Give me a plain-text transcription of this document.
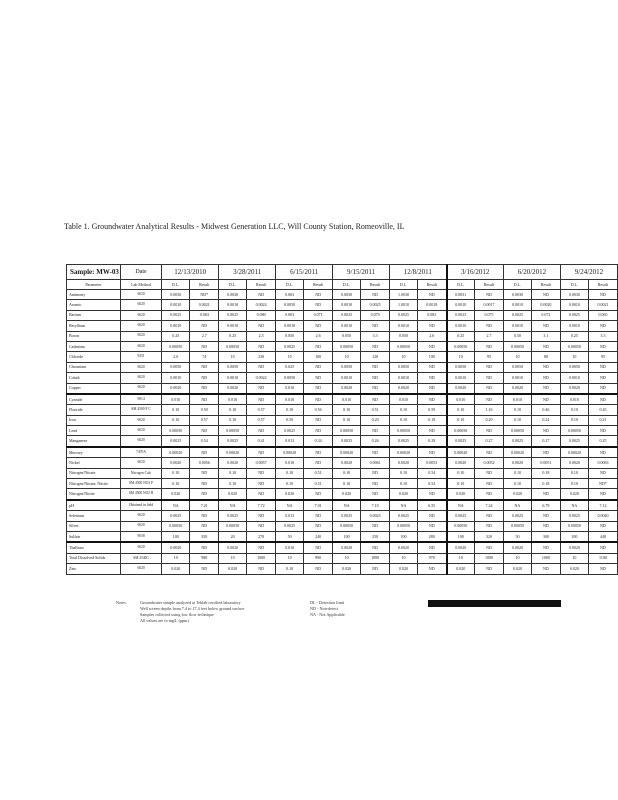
Table 1. Groundwater Analytical Results - Midwest Generation LLC, Will County Station, Romeoville, IL
Sample: MW-03	Date	12/13/2010		3/28/2011		6/15/2011		9/15/2011		12/8/2011		3/16/2012		6/20/2012		9/24/2012	
Parameter	Lab Method	D.L.	Result	D.L.	Result	D.L.	Result	D.L.	Result	D.L.	Result	D.L.	Result	D.L.	Result	D.L.	Result
Antimony	6020	0.0030	ND*	0.0030	ND	0.003	ND	0.0030	ND	1.0030	ND	0.0031	ND	0.0030	ND	0.0030	ND
Arsenic	6020	0.0010	0.0021	0.0010	0.0024	0.0050	ND	0.0010	0.0025	1.0010	0.0018	0.0010	0.0017	0.0010	0.0020	0.0010	0.0021
Barium	6020	0.0025	0.084	0.0025	0.080	0.003	0.071	0.0025	0.079	0.0025	0.083	0.0025	0.075	0.0025	0.072	0.0025	0.065
Beryllium	6020	0.0010	ND	0.0010	ND	0.0010	ND	0.0010	ND	0.0010	ND	0.0010	ND	0.0010	ND	0.0010	ND
Boron	6020	0.25	2.7	0.25	2.5	0.050	2.6	0.050	3.3	0.050	2.6	0.25	2.7	0.50	3.1	0.25	3.3
Cadmium	6020	0.00050	ND	0.00050	ND	0.0025	ND	0.00050	ND	0.00050	ND	0.00050	ND	0.00050	ND	0.00050	ND
Chloride	9251	2.0	74	10	230	10	100	10	120	10	100	10	95	10	88	10	95
Chromium	6020	0.0050	ND	0.0050	ND	0.025	ND	0.0050	ND	0.0050	ND	0.0050	ND	0.0050	ND	0.0050	ND
Cobalt	6020	0.0010	ND	0.0010	0.0022	0.0050	ND	0.0010	ND	0.0010	ND	0.0010	ND	0.0010	ND	0.0010	ND
Copper	6020	0.0020	ND	0.0020	ND	0.010	ND	0.0020	ND	0.0020	ND	0.0020	ND	0.0020	ND	0.0020	ND
Cyanide	9014	0.010	ND	0.010	ND	0.010	ND	0.010	ND	0.010	ND	0.010	ND	0.010	ND	0.010	ND
Fluoride	SM 4500 F C	0.10	0.50	0.10	0.57	0.10	0.56	0.10	0.51	0.10	0.59	0.10	1.16	0.10	0.46	0.10	0.45
Iron	6020	0.10	0.57	0.10	0.57	0.50	ND	0.10	0.20	0.10	0.19	0.10	0.20	0.10	0.24	0.10	0.21
Lead	6020	0.00050	ND	0.00050	ND	0.0025	ND	0.00050	ND	0.00050	ND	0.00050	ND	0.00050	ND	0.00050	ND
Manganese	6020	0.0025	0.54	0.0025	0.41	0.013	0.34	0.0025	0.26	0.0025	0.29	0.0025	0.27	0.0025	0.27	0.0025	0.25
Mercury	7470A	0.00020	ND	0.00020	ND	0.00020	ND	0.00020	ND	0.00020	ND	0.00020	ND	0.00020	ND	0.00020	ND
Nickel	6020	0.0020	0.0056	0.0020	0.0057	0.010	ND	0.0020	0.0061	0.0020	0.0053	0.0020	0.0052	0.0020	0.0051	0.0020	0.0063
Nitrogen/Nitrate	Nitrogen Calc	0.10	ND	0.10	ND	0.10	0.51	0.10	ND	0.10	0.54	0.10	ND	0.10	0.18	0.10	ND
Nitrogen/Nitrate, Nitrite	SM 4500 NO3 F	0.10	ND	0.10	ND	0.10	0.51	0.10	ND	0.10	0.54	0.10	ND	0.10	0.18	0.10	ND*
Nitrogen/Nitrite	SM 4500 NO2 B	0.020	ND	0.020	ND	0.020	ND	0.020	ND	0.020	ND	0.020	ND	0.020	ND	0.020	ND
pH	Obtained in field	NA	7.21	NA	7.72	NA	7.01	NA	7.10	NA	6.55	NA	7.24	NA	6.79	NA	7.12
Selenium	6020	0.0025	ND	0.0025	ND	0.013	ND	0.0025	0.0025	0.0025	ND	0.0025	ND	0.0025	ND	0.0025	0.0040
Silver	6020	0.00050	ND	0.00050	ND	0.0025	ND	0.00050	ND	0.00050	ND	0.00050	ND	0.00050	ND	0.00050	ND
Sulfate	9038	100	350	20	270	50	240	100	250	100	280	100	320	50	300	100	440
Thallium	6020	0.0020	ND	0.0020	ND	0.010	ND	0.0020	ND	0.0020	ND	0.0020	ND	0.0020	ND	0.0020	ND
Total Dissolved Solids	SM 2540C	10	980	10	1000	10	990	10	1000	10	970	10	1000	10	1000	10	1100
Zinc	6020	0.020	ND	0.020	ND	0.10	ND	0.020	ND	0.020	ND	0.020	ND	0.020	ND	0.020	ND
Notes:	Groundwater sample analyzed at Teklab certified laboratory
Well screen depths from 7.4 to 17.4 feet below ground surface
Samples collected using low flow technique
All values are in mg/L (ppm)
DL - Detection limit
ND - Non-detect
NA - Not Applicable
